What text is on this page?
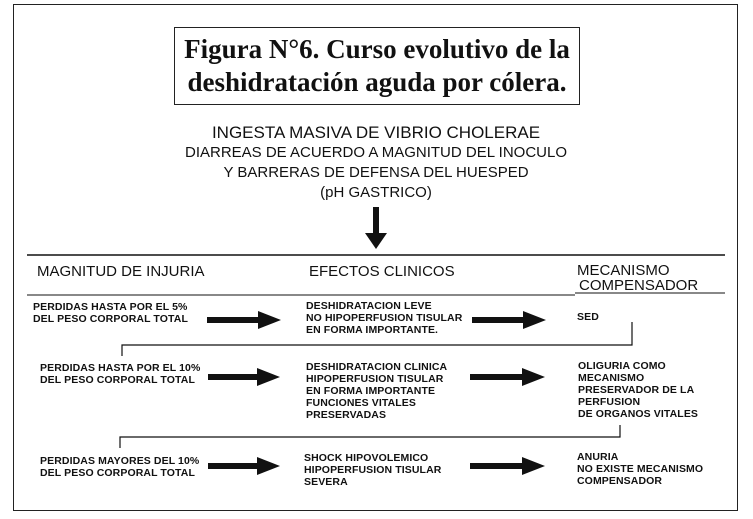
Figura N°6. Curso evolutivo de la
deshidratación aguda por cólera.
INGESTA MASIVA DE VIBRIO CHOLERAE
DIARREAS DE ACUERDO A MAGNITUD DEL INOCULO
Y BARRERAS DE DEFENSA DEL HUESPED
(pH GASTRICO)
MAGNITUD DE INJURIA	EFECTOS CLINICOS	MECANISMO
COMPENSADOR
PERDIDAS HASTA POR EL 5%
DEL PESO CORPORAL TOTAL
DESHIDRATACION LEVE
NO HIPOPERFUSION TISULAR
EN FORMA IMPORTANTE.
SED
PERDIDAS HASTA POR EL 10%
DEL PESO CORPORAL TOTAL
DESHIDRATACION CLINICA
HIPOPERFUSION TISULAR
EN FORMA IMPORTANTE
FUNCIONES VITALES
PRESERVADAS
OLIGURIA COMO
MECANISMO
PRESERVADOR DE LA
PERFUSION
DE ORGANOS VITALES
PERDIDAS MAYORES DEL 10%
DEL PESO CORPORAL TOTAL
SHOCK HIPOVOLEMICO
HIPOPERFUSION TISULAR
SEVERA
ANURIA
NO EXISTE MECANISMO
COMPENSADOR
